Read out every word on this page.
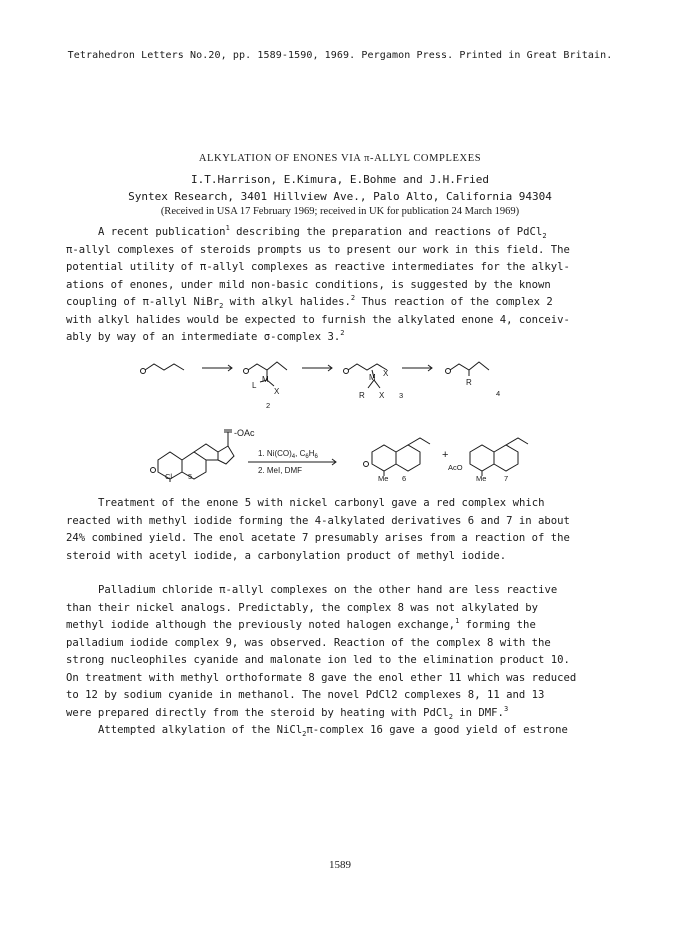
Tetrahedron Letters No.20, pp. 1589-1590, 1969. Pergamon Press. Printed in Great Britain.
ALKYLATION OF ENONES VIA π-ALLYL COMPLEXES
I.T.Harrison, E.Kimura, E.Bohme and J.H.Fried
Syntex Research, 3401 Hillview Ave., Palo Alto, California 94304
(Received in USA 17 February 1969; received in UK for publication 24 March 1969)
A recent publication$^1$ describing the preparation and reactions of PdCl$_2$
π-allyl complexes of steroids prompts us to present our work in this field. The
potential utility of π-allyl complexes as reactive intermediates for the alkyl-
ations of enones, under mild non-basic conditions, is suggested by the known
coupling of π-allyl NiBr$_2$ with alkyl halides.$^2$ Thus reaction of the complex 2
with alkyl halides would be expected to furnish the alkylated enone 4, conceiv-
ably by way of an intermediate σ-complex 3.$^2$
M
L
X
2
M X
R X 3
R
4
-OAc
Cl 5
1. $Ni(CO)_4$, $C_6H_6$
2. MeI, DMF
Me 6
+
AcO
Me 7
Treatment of the enone 5 with nickel carbonyl gave a red complex which
reacted with methyl iodide forming the 4-alkylated derivatives 6 and 7 in about
24% combined yield. The enol acetate 7 presumably arises from a reaction of the
steroid with acetyl iodide, a carbonylation product of methyl iodide.
Palladium chloride π-allyl complexes on the other hand are less reactive
than their nickel analogs. Predictably, the complex 8 was not alkylated by
methyl iodide although the previously noted halogen exchange,$^1$ forming the
palladium iodide complex 9, was observed. Reaction of the complex 8 with the
strong nucleophiles cyanide and malonate ion led to the elimination product 10.
On treatment with methyl orthoformate 8 gave the enol ether 11 which was reduced
to 12 by sodium cyanide in methanol. The novel PdCl2 complexes 8, 11 and 13
were prepared directly from the steroid by heating with PdCl$_2$ in DMF.$^3$
Attempted alkylation of the NiCl$_2$π-complex 16 gave a good yield of estrone
1589
